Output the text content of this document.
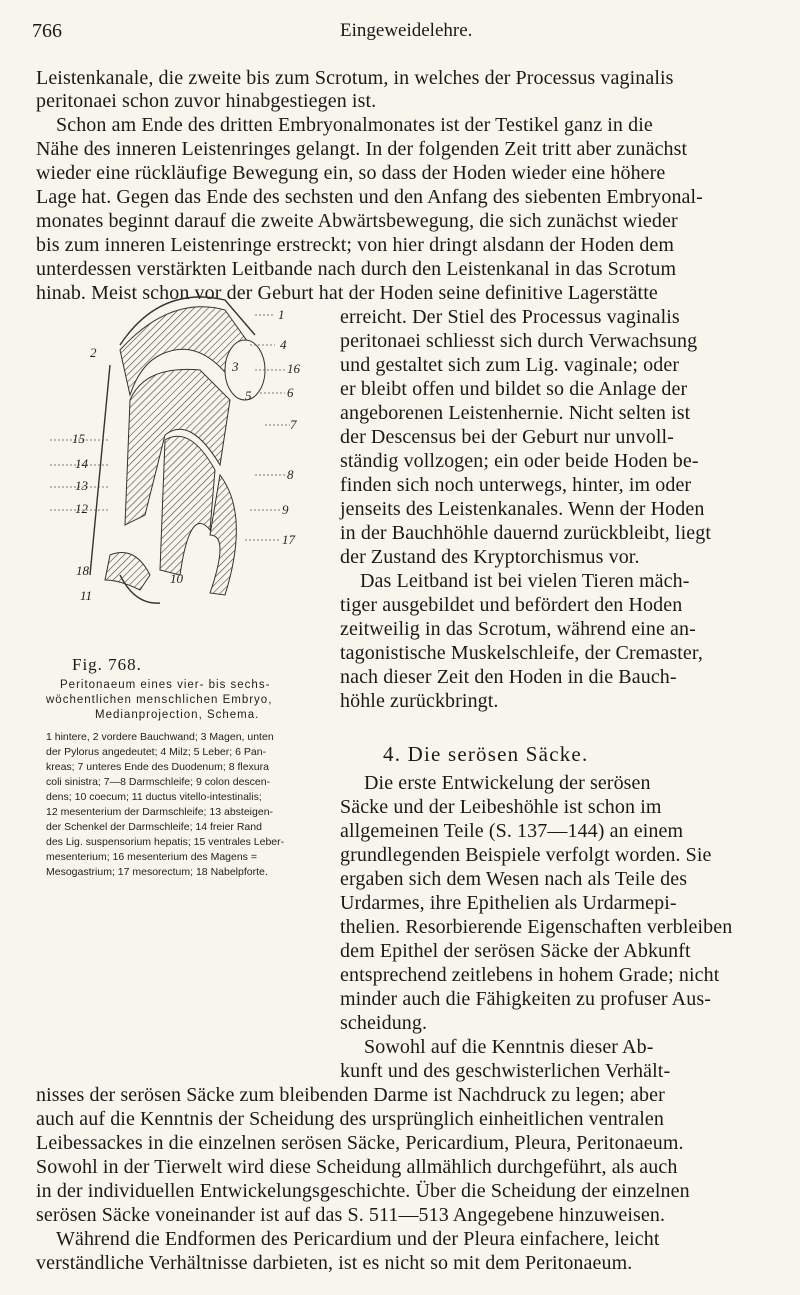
766	Eingeweidelehre.
Leistenkanale, die zweite bis zum Scrotum, in welches der Processus vaginalis
peritonaei schon zuvor hinabgestiegen ist.
Schon am Ende des dritten Embryonalmonates ist der Testikel ganz in die
Nähe des inneren Leistenringes gelangt. In der folgenden Zeit tritt aber zunächst
wieder eine rückläufige Bewegung ein, so dass der Hoden wieder eine höhere
Lage hat. Gegen das Ende des sechsten und den Anfang des siebenten Embryonal-
monates beginnt darauf die zweite Abwärtsbewegung, die sich zunächst wieder
bis zum inneren Leistenringe erstreckt; von hier dringt alsdann der Hoden dem
unterdessen verstärkten Leitbande nach durch den Leistenkanal in das Scrotum
hinab. Meist schon vor der Geburt hat der Hoden seine definitive Lagerstätte
erreicht. Der Stiel des Processus vaginalis
peritonaei schliesst sich durch Verwachsung
und gestaltet sich zum Lig. vaginale; oder
er bleibt offen und bildet so die Anlage der
angeborenen Leistenhernie. Nicht selten ist
der Descensus bei der Geburt nur unvoll-
ständig vollzogen; ein oder beide Hoden be-
finden sich noch unterwegs, hinter, im oder
jenseits des Leistenkanales. Wenn der Hoden
in der Bauchhöhle dauernd zurückbleibt, liegt
der Zustand des Kryptorchismus vor.
Das Leitband ist bei vielen Tieren mäch-
tiger ausgebildet und befördert den Hoden
zeitweilig in das Scrotum, während eine an-
tagonistische Muskelschleife, der Cremaster,
nach dieser Zeit den Hoden in die Bauch-
höhle zurückbringt.
4. Die serösen Säcke.
Die erste Entwickelung der serösen
Säcke und der Leibeshöhle ist schon im
allgemeinen Teile (S. 137—144) an einem
grundlegenden Beispiele verfolgt worden. Sie
ergaben sich dem Wesen nach als Teile des
Urdarmes, ihre Epithelien als Urdarmepi-
thelien. Resorbierende Eigenschaften verbleiben
dem Epithel der serösen Säcke der Abkunft
entsprechend zeitlebens in hohem Grade; nicht
minder auch die Fähigkeiten zu profuser Aus-
scheidung.
Sowohl auf die Kenntnis dieser Ab-
kunft und des geschwisterlichen Verhält-
nisses der serösen Säcke zum bleibenden Darme ist Nachdruck zu legen; aber
auch auf die Kenntnis der Scheidung des ursprünglich einheitlichen ventralen
Leibessackes in die einzelnen serösen Säcke, Pericardium, Pleura, Peritonaeum.
Sowohl in der Tierwelt wird diese Scheidung allmählich durchgeführt, als auch
in der individuellen Entwickelungsgeschichte. Über die Scheidung der einzelnen
serösen Säcke voneinander ist auf das S. 511—513 Angegebene hinzuweisen.
Während die Endformen des Pericardium und der Pleura einfachere, leicht
verständliche Verhältnisse darbieten, ist es nicht so mit dem Peritonaeum.
1
2
3
4
5	6
7
8
9
10
11
12
13
14
15
16
17
18
Fig. 768.
Peritonaeum eines vier- bis sechs-
wöchentlichen menschlichen Embryo,
Medianprojection, Schema.
1 hintere, 2 vordere Bauchwand; 3 Magen, unten
der Pylorus angedeutet; 4 Milz; 5 Leber; 6 Pan-
kreas; 7 unteres Ende des Duodenum; 8 flexura
coli sinistra; 7—8 Darmschleife; 9 colon descen-
dens; 10 coecum; 11 ductus vitello-intestinalis;
12 mesenterium der Darmschleife; 13 absteigen-
der Schenkel der Darmschleife; 14 freier Rand
des Lig. suspensorium hepatis; 15 ventrales Leber-
mesenterium; 16 mesenterium des Magens =
Mesogastrium; 17 mesorectum; 18 Nabelpforte.
